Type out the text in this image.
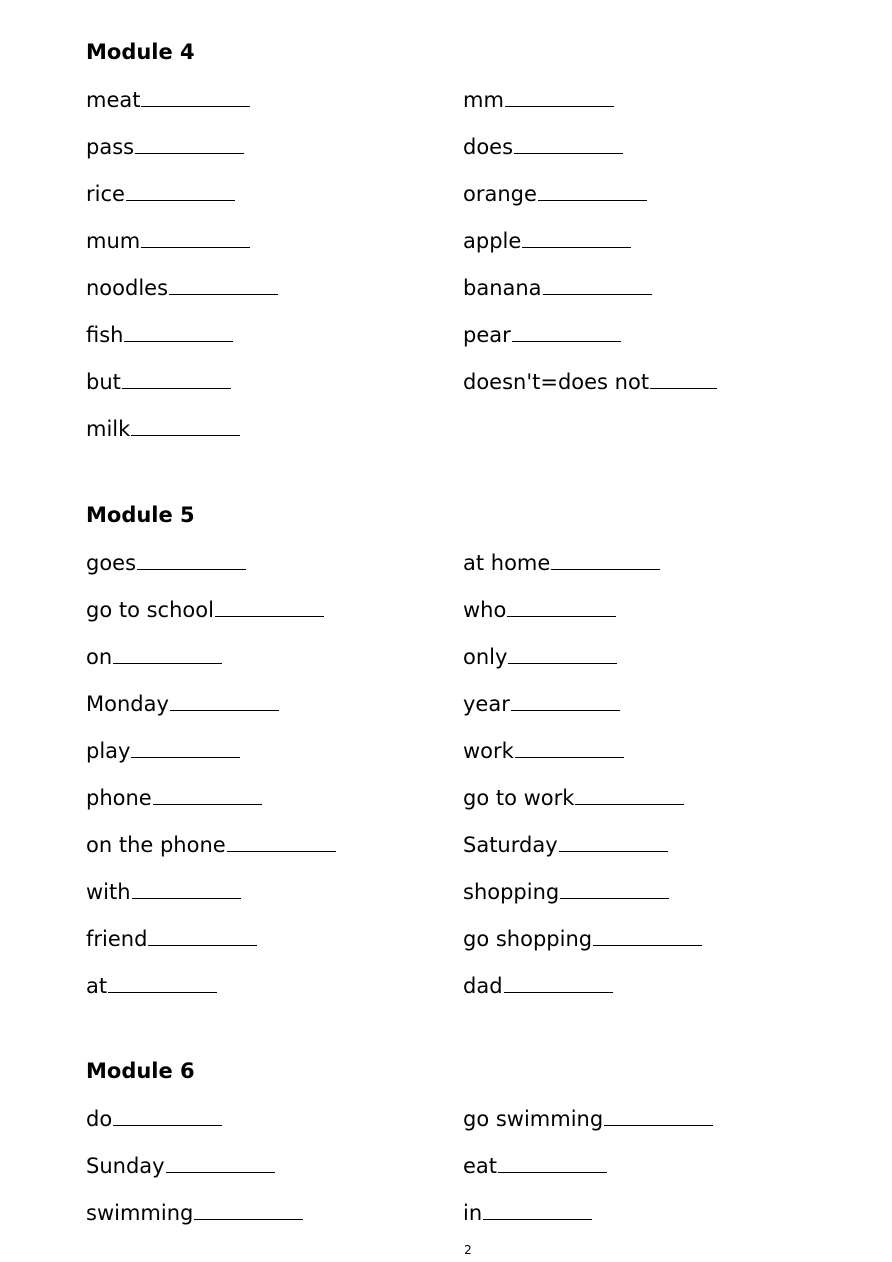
Module 4
meat	mm
pass	does
rice	orange
mum	apple
noodles	banana
fish	pear
but	doesn't=does not
milk
Module 5
goes	at home
go to school	who
on	only
Monday	year
play	work
phone	go to work
on the phone	Saturday
with	shopping
friend	go shopping
at	dad
Module 6
do	go swimming
Sunday	eat
swimming	in
2
